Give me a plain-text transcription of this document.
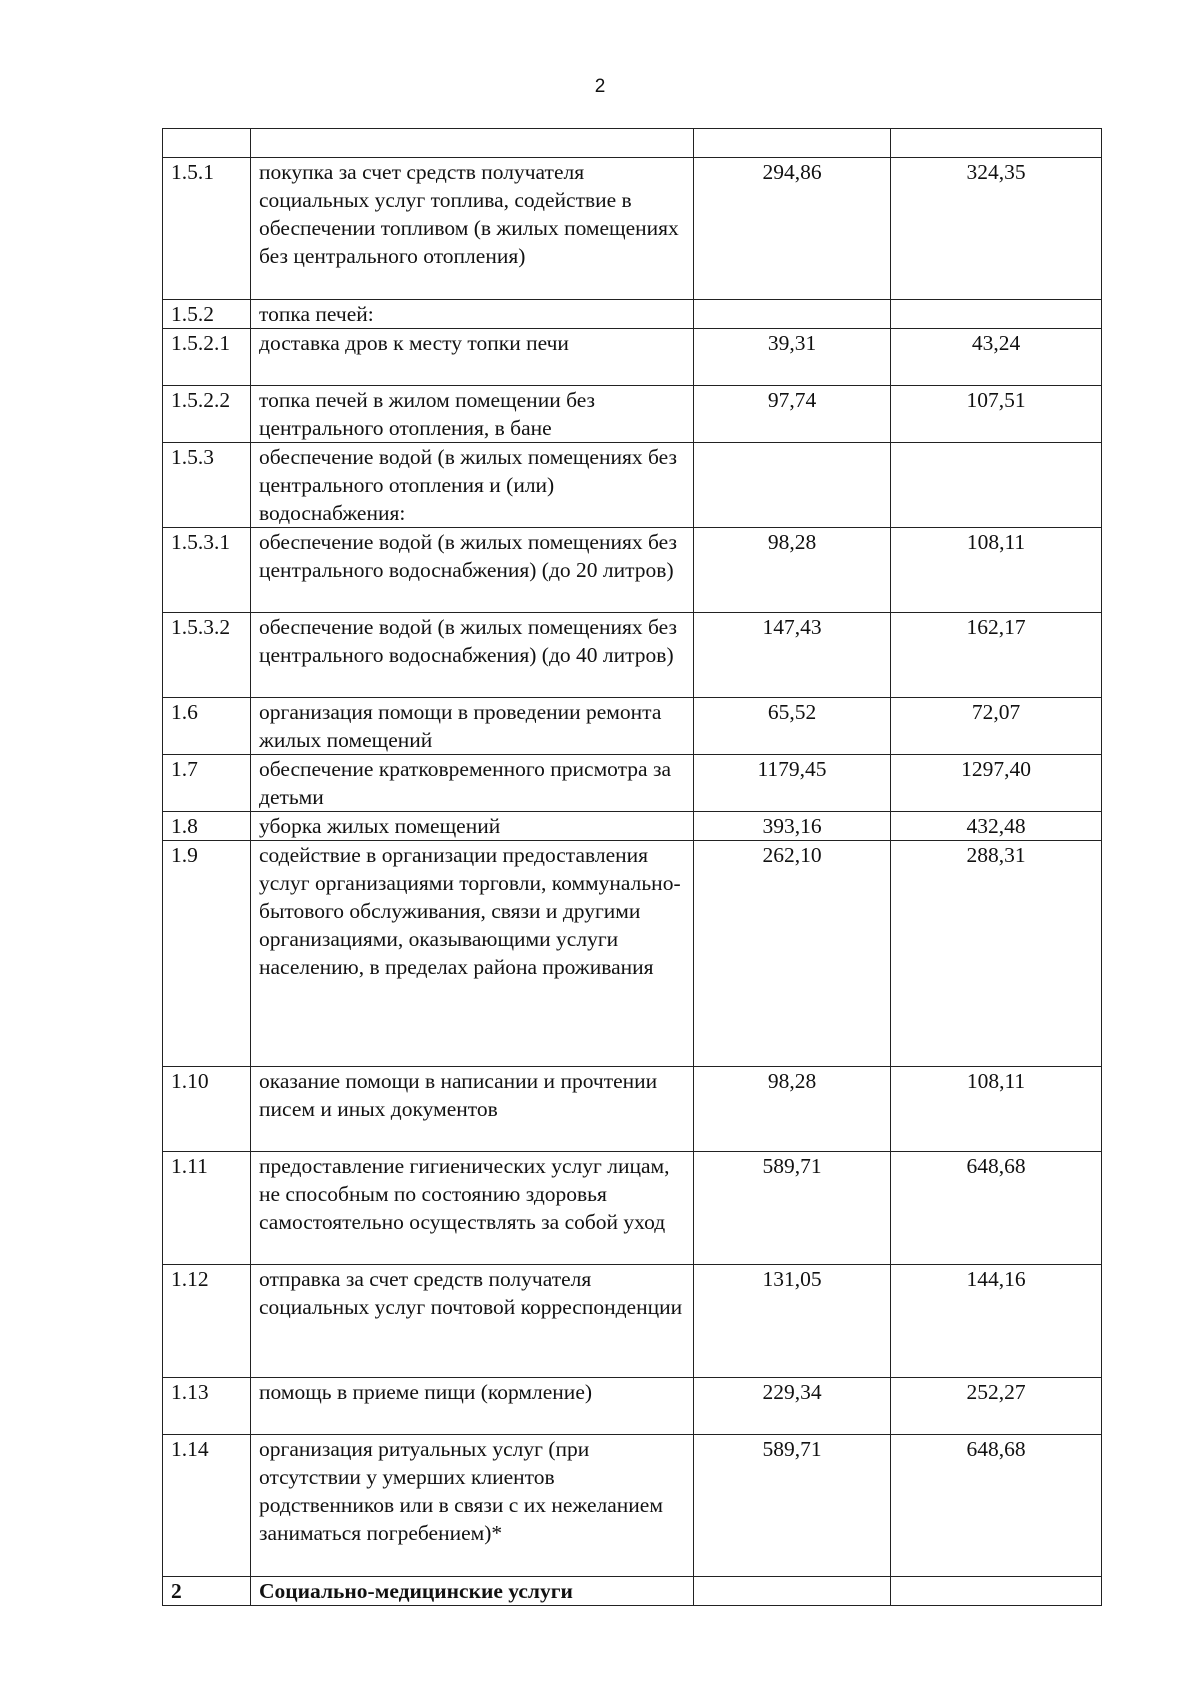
2

1.5.1	покупка за счет средств получателя социальных услуг топлива, содействие в обеспечении топливом (в жилых помещениях без центрального отопления)	294,86	324,35
1.5.2	топка печей:		
1.5.2.1	доставка дров к месту топки печи	39,31	43,24
1.5.2.2	топка печей в жилом помещении без центрального отопления, в бане	97,74	107,51
1.5.3	обеспечение водой (в жилых помещениях без центрального отопления и (или) водоснабжения:		
1.5.3.1	обеспечение водой (в жилых помещениях без центрального водоснабжения) (до 20 литров)	98,28	108,11
1.5.3.2	обеспечение водой (в жилых помещениях без центрального водоснабжения) (до 40 литров)	147,43	162,17
1.6	организация помощи в проведении ремонта жилых помещений	65,52	72,07
1.7	обеспечение кратковременного присмотра за детьми	1179,45	1297,40
1.8	уборка жилых помещений	393,16	432,48
1.9	содействие в организации предоставления услуг организациями торговли, коммунально-бытового обслуживания, связи и другими организациями, оказывающими услуги населению, в пределах района проживания	262,10	288,31
1.10	оказание помощи в написании и прочтении писем и иных документов	98,28	108,11
1.11	предоставление гигиенических услуг лицам, не способным по состоянию здоровья самостоятельно осуществлять за собой уход	589,71	648,68
1.12	отправка за счет средств получателя социальных услуг почтовой корреспонденции	131,05	144,16
1.13	помощь в приеме пищи (кормление)	229,34	252,27
1.14	организация ритуальных услуг (при отсутствии у умерших клиентов родственников или в связи с их нежеланием заниматься погребением)*	589,71	648,68
2	Социально-медицинские услуги		
